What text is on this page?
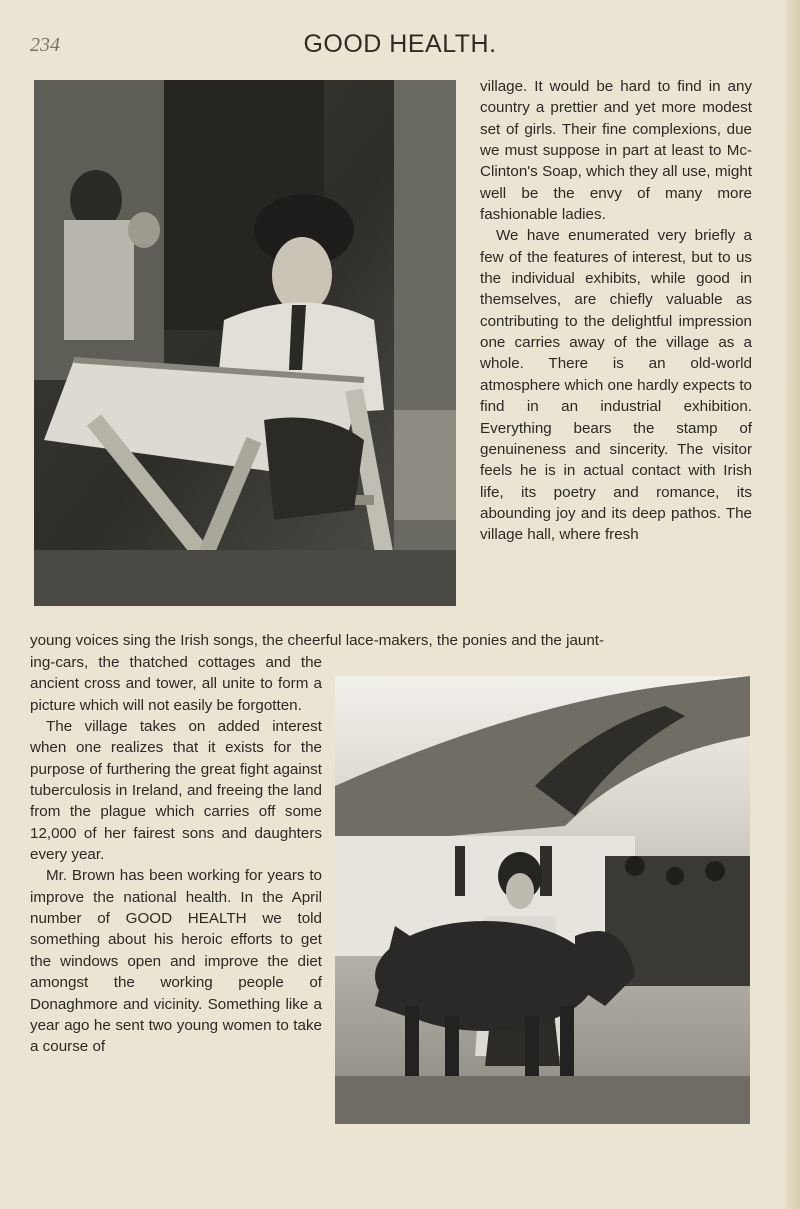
234	GOOD HEALTH.

village. It would be hard to find in any country a prettier and yet more modest set of girls. Their fine complexions, due we must suppose in part at least to Mc-Clinton's Soap, which they all use, might well be the envy of many more fashionable ladies.

We have enumerated very briefly a few of the features of interest, but to us the individual exhibits, while good in themselves, are chiefly valuable as contributing to the delightful impression one carries away of the village as a whole. There is an old-world atmosphere which one hardly expects to find in an industrial exhibition. Everything bears the stamp of genuineness and sincerity. The visitor feels he is in actual contact with Irish life, its poetry and romance, its abounding joy and its deep pathos. The village hall, where fresh

young voices sing the Irish songs, the cheerful lace-makers, the ponies and the jaunt-

ing-cars, the thatched cottages and the ancient cross and tower, all unite to form a picture which will not easily be forgotten.

The village takes on added interest when one realizes that it exists for the purpose of furthering the great fight against tuberculosis in Ireland, and freeing the land from the plague which carries off some 12,000 of her fairest sons and daughters every year.

Mr. Brown has been working for years to improve the national health. In the April number of GOOD HEALTH we told something about his heroic efforts to get the windows open and improve the diet amongst the working people of Donaghmore and vicinity. Something like a year ago he sent two young women to take a course of
